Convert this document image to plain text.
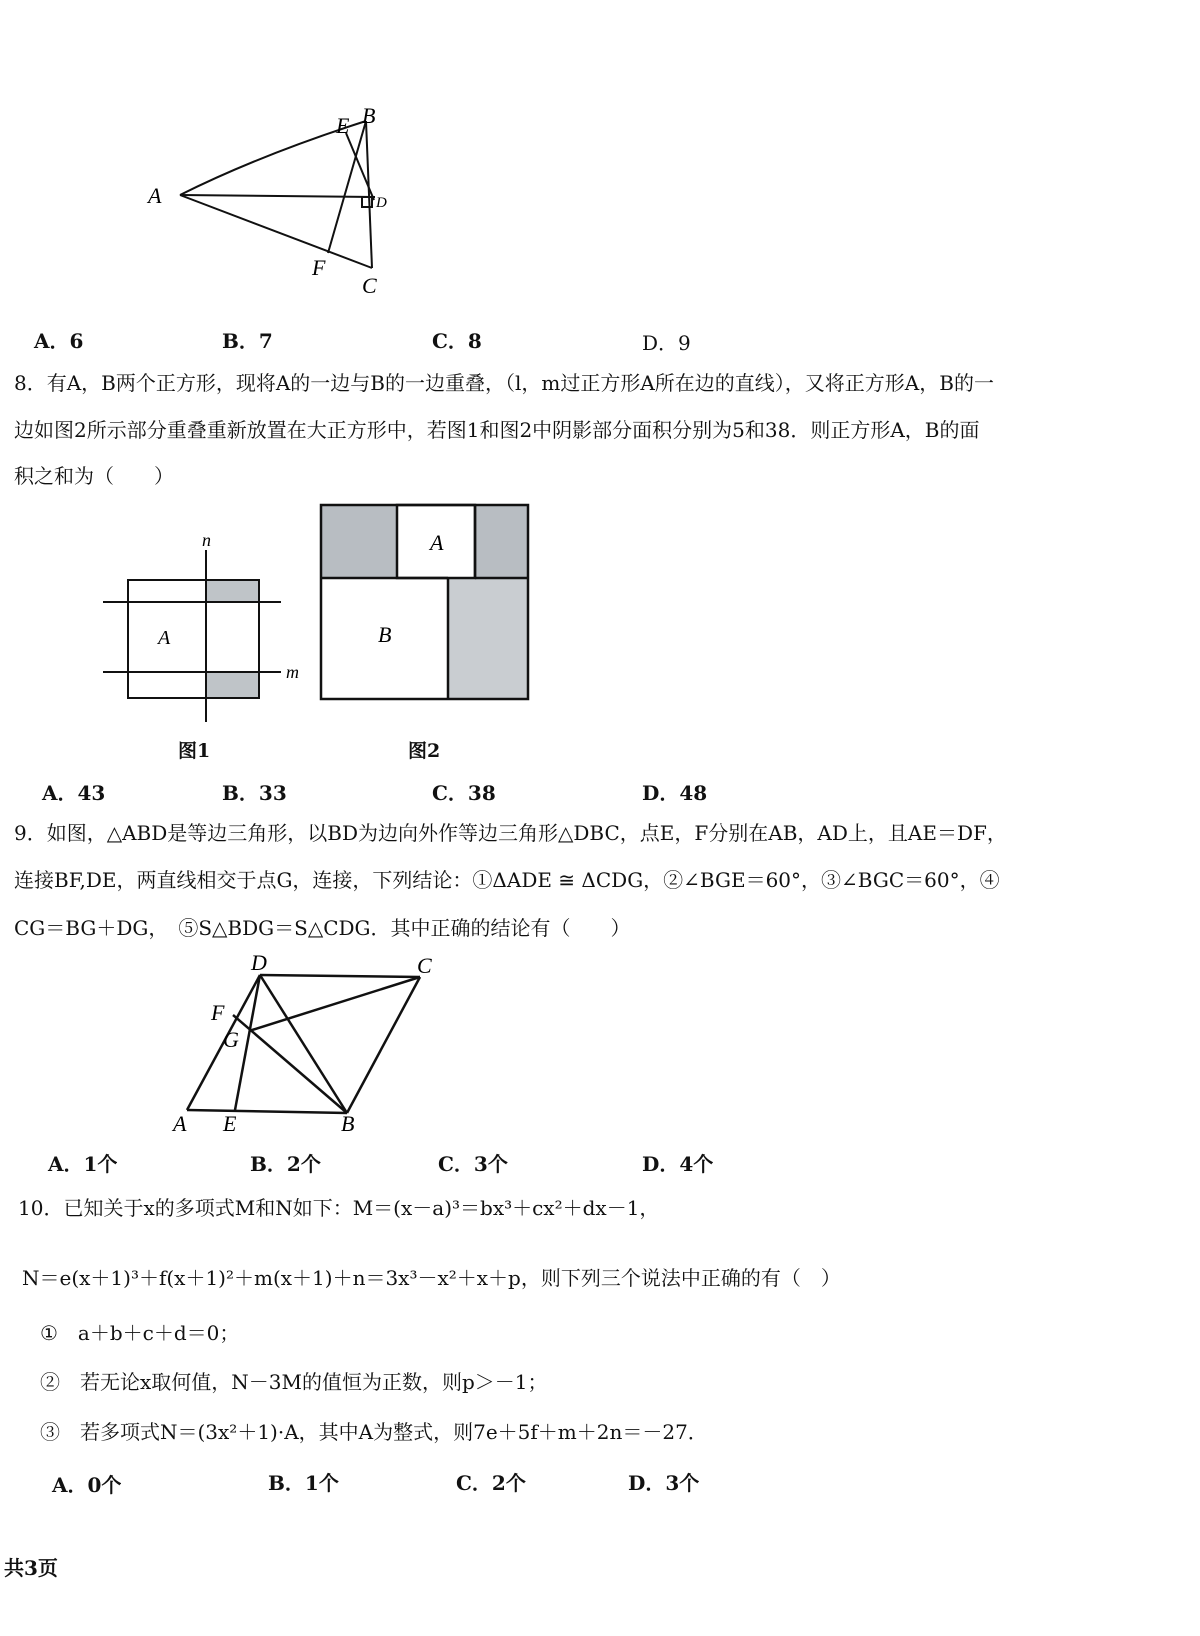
A
E B
D
F
C
A．6	B．7	C．8	D．9
8．有A，B两个正方形，现将A的一边与B的一边重叠，（l，m过正方形A所在边的直线），又将正方形A，B的一
边如图2所示部分重叠重新放置在大正方形中，若图1和图2中阴影部分面积分别为5和38．则正方形A，B的面
积之和为（　　）
n
A
m
图1
A
B
图2
A．43	B．33	C．38	D．48
9．如图，△ABD是等边三角形，以BD为边向外作等边三角形△DBC，点E，F分别在AB，AD上，且AE＝DF，
连接BF,DE，两直线相交于点G，连接，下列结论：①ΔADE ≅ ΔCDG，②∠BGE＝60°，③∠BGC＝60°，④
CG＝BG＋DG，　⑤S△BDG＝S△CDG．其中正确的结论有（　　）
D	C
F
G
A E	B
A．1个	B．2个	C．3个	D．4个
10．已知关于x的多项式M和N如下：M＝(x－a)³＝bx³＋cx²＋dx－1，
N＝e(x＋1)³＋f(x＋1)²＋m(x＋1)＋n＝3x³－x²＋x＋p，则下列三个说法中正确的有（　）
①　a＋b＋c＋d＝0；
②　若无论x取何值，N－3M的值恒为正数，则p＞－1；
③　若多项式N＝(3x²＋1)·A，其中A为整式，则7e＋5f＋m＋2n＝－27．
A．0个	B．1个	C．2个	D．3个
共3页
